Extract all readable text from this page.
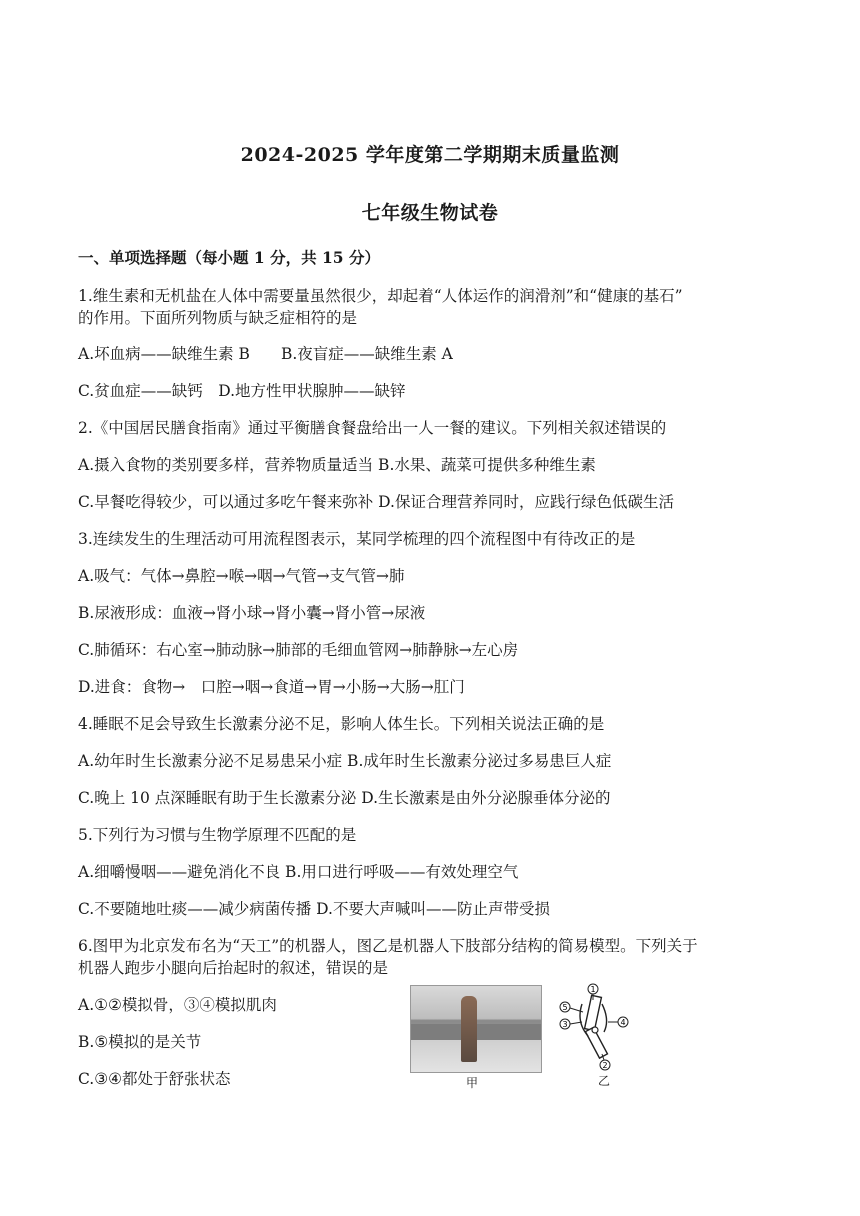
2024-2025 学年度第二学期期末质量监测
七年级生物试卷
一、单项选择题（每小题 1 分，共 15 分）
1.维生素和无机盐在人体中需要量虽然很少，却起着“人体运作的润滑剂”和“健康的基石”
的作用。下面所列物质与缺乏症相符的是
A.坏血病——缺维生素 B　　B.夜盲症——缺维生素 A
C.贫血症——缺钙　D.地方性甲状腺肿——缺锌
2.《中国居民膳食指南》通过平衡膳食餐盘给出一人一餐的建议。下列相关叙述错误的
A.摄入食物的类别要多样，营养物质量适当 B.水果、蔬菜可提供多种维生素
C.早餐吃得较少，可以通过多吃午餐来弥补 D.保证合理营养同时，应践行绿色低碳生活
3.连续发生的生理活动可用流程图表示，某同学梳理的四个流程图中有待改正的是
A.吸气：气体→鼻腔→喉→咽→气管→支气管→肺
B.尿液形成：血液→肾小球→肾小囊→肾小管→尿液
C.肺循环：右心室→肺动脉→肺部的毛细血管网→肺静脉→左心房
D.进食：食物→　口腔→咽→食道→胃→小肠→大肠→肛门
4.睡眠不足会导致生长激素分泌不足，影响人体生长。下列相关说法正确的是
A.幼年时生长激素分泌不足易患呆小症 B.成年时生长激素分泌过多易患巨人症
C.晚上 10 点深睡眠有助于生长激素分泌 D.生长激素是由外分泌腺垂体分泌的
5.下列行为习惯与生物学原理不匹配的是
A.细嚼慢咽——避免消化不良 B.用口进行呼吸——有效处理空气
C.不要随地吐痰——减少病菌传播 D.不要大声喊叫——防止声带受损
6.图甲为北京发布名为“天工”的机器人，图乙是机器人下肢部分结构的简易模型。下列关于
机器人跑步小腿向后抬起时的叙述，错误的是
A.①②模拟骨，③④模拟肌肉
B.⑤模拟的是关节
C.③④都处于舒张状态	甲
1
5
3	4
2
乙
